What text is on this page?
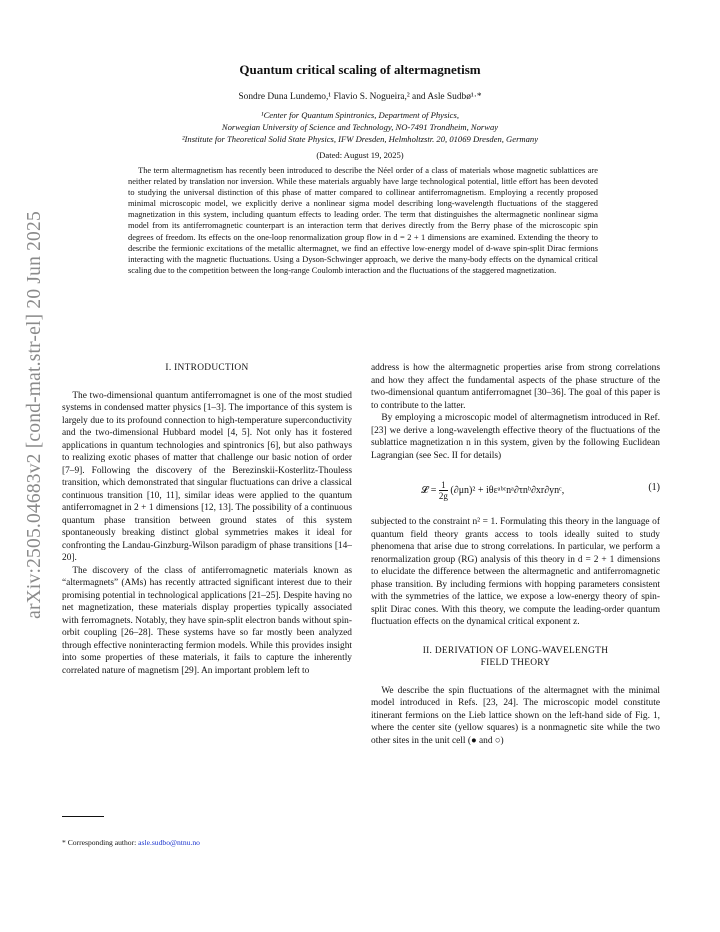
arXiv:2505.04683v2 [cond-mat.str-el] 20 Jun 2025
Quantum critical scaling of altermagnetism
Sondre Duna Lundemo,¹ Flavio S. Nogueira,² and Asle Sudbø¹·*
¹Center for Quantum Spintronics, Department of Physics,
Norwegian University of Science and Technology, NO-7491 Trondheim, Norway
²Institute for Theoretical Solid State Physics, IFW Dresden, Helmholtzstr. 20, 01069 Dresden, Germany
(Dated: August 19, 2025)

The term altermagnetism has recently been introduced to describe the Néel order of a class of materials whose magnetic sublattices are neither related by translation nor inversion. While these materials arguably have large technological potential, little effort has been devoted to studying the universal distinction of this phase of matter compared to collinear antiferromagnetism. Employing a recently proposed minimal microscopic model, we explicitly derive a nonlinear sigma model describing long-wavelength fluctuations of the staggered magnetization in this system, including quantum effects to leading order. The term that distinguishes the altermagnetic nonlinear sigma model from its antiferromagnetic counterpart is an interaction term that derives directly from the Berry phase of the microscopic spin degrees of freedom. Its effects on the one-loop renormalization group flow in d = 2 + 1 dimensions are examined. Extending the theory to describe the fermionic excitations of the metallic altermagnet, we find an effective low-energy model of d-wave spin-split Dirac fermions interacting with the magnetic fluctuations. Using a Dyson-Schwinger approach, we derive the many-body effects on the dynamical critical scaling due to the competition between the long-range Coulomb interaction and the fluctuations of the staggered magnetization.

I. INTRODUCTION

The two-dimensional quantum antiferromagnet is one of the most studied systems in condensed matter physics [1–3]. The importance of this system is largely due to its profound connection to high-temperature superconductivity and the two-dimensional Hubbard model [4, 5]. Not only has it fostered applications in quantum technologies and spintronics [6], but also pathways to realizing exotic phases of matter that challenge our basic notion of order [7–9]. Following the discovery of the Berezinskii-Kosterlitz-Thouless transition, which demonstrated that singular fluctuations can drive a classical continuous transition [10, 11], similar ideas were applied to the quantum antiferromagnet in 2 + 1 dimensions [12, 13]. The possibility of a continuous quantum phase transition between ground states of this system spontaneously breaking distinct global symmetries makes it ideal for confronting the Landau-Ginzburg-Wilson paradigm of phase transitions [14–20].

The discovery of the class of antiferromagnetic materials known as “altermagnets” (AMs) has recently attracted significant interest due to their promising potential in technological applications [21–25]. Despite having no net magnetization, these materials display properties typically associated with ferromagnets. Notably, they have spin-split electron bands without spin-orbit coupling [26–28]. These systems have so far mostly been analyzed through effective noninteracting fermion models. While this provides insight into some properties of these materials, it fails to capture the inherently correlated nature of magnetism [29]. An important problem left to

address is how the altermagnetic properties arise from strong correlations and how they affect the fundamental aspects of the phase structure of the two-dimensional quantum antiferromagnet [30–36]. The goal of this paper is to contribute to the latter.

By employing a microscopic model of altermagnetism introduced in Ref. [23] we derive a long-wavelength effective theory of the fluctuations of the sublattice magnetization n in this system, given by the following Euclidean Lagrangian (see Sec. II for details)

𝓛 = $\frac{1}{2g} (\partial\mu n)^2$ + iθεᵃᵇᶜnᵃ∂τnᵇ∂xr∂ynᶜ,	(1)

subjected to the constraint n² = 1. Formulating this theory in the language of quantum field theory grants access to tools ideally suited to study phenomena that arise due to strong correlations. In particular, we perform a renormalization group (RG) analysis of this theory in d = 2 + 1 dimensions to elucidate the difference between the altermagnetic and antiferromagnetic phase transition. By including fermions with hopping parameters consistent with the symmetries of the lattice, we expose a low-energy theory of spin-split Dirac cones. With this theory, we compute the leading-order quantum fluctuation effects on the dynamical critical exponent z.

II. DERIVATION OF LONG-WAVELENGTH
FIELD THEORY

We describe the spin fluctuations of the altermagnet with the minimal model introduced in Refs. [23, 24]. The microscopic model constitute itinerant fermions on the Lieb lattice shown on the left-hand side of Fig. 1, where the center site (yellow squares) is a nonmagnetic site while the two other sites in the unit cell (● and ○)

* Corresponding author: asle.sudbo@ntnu.no
